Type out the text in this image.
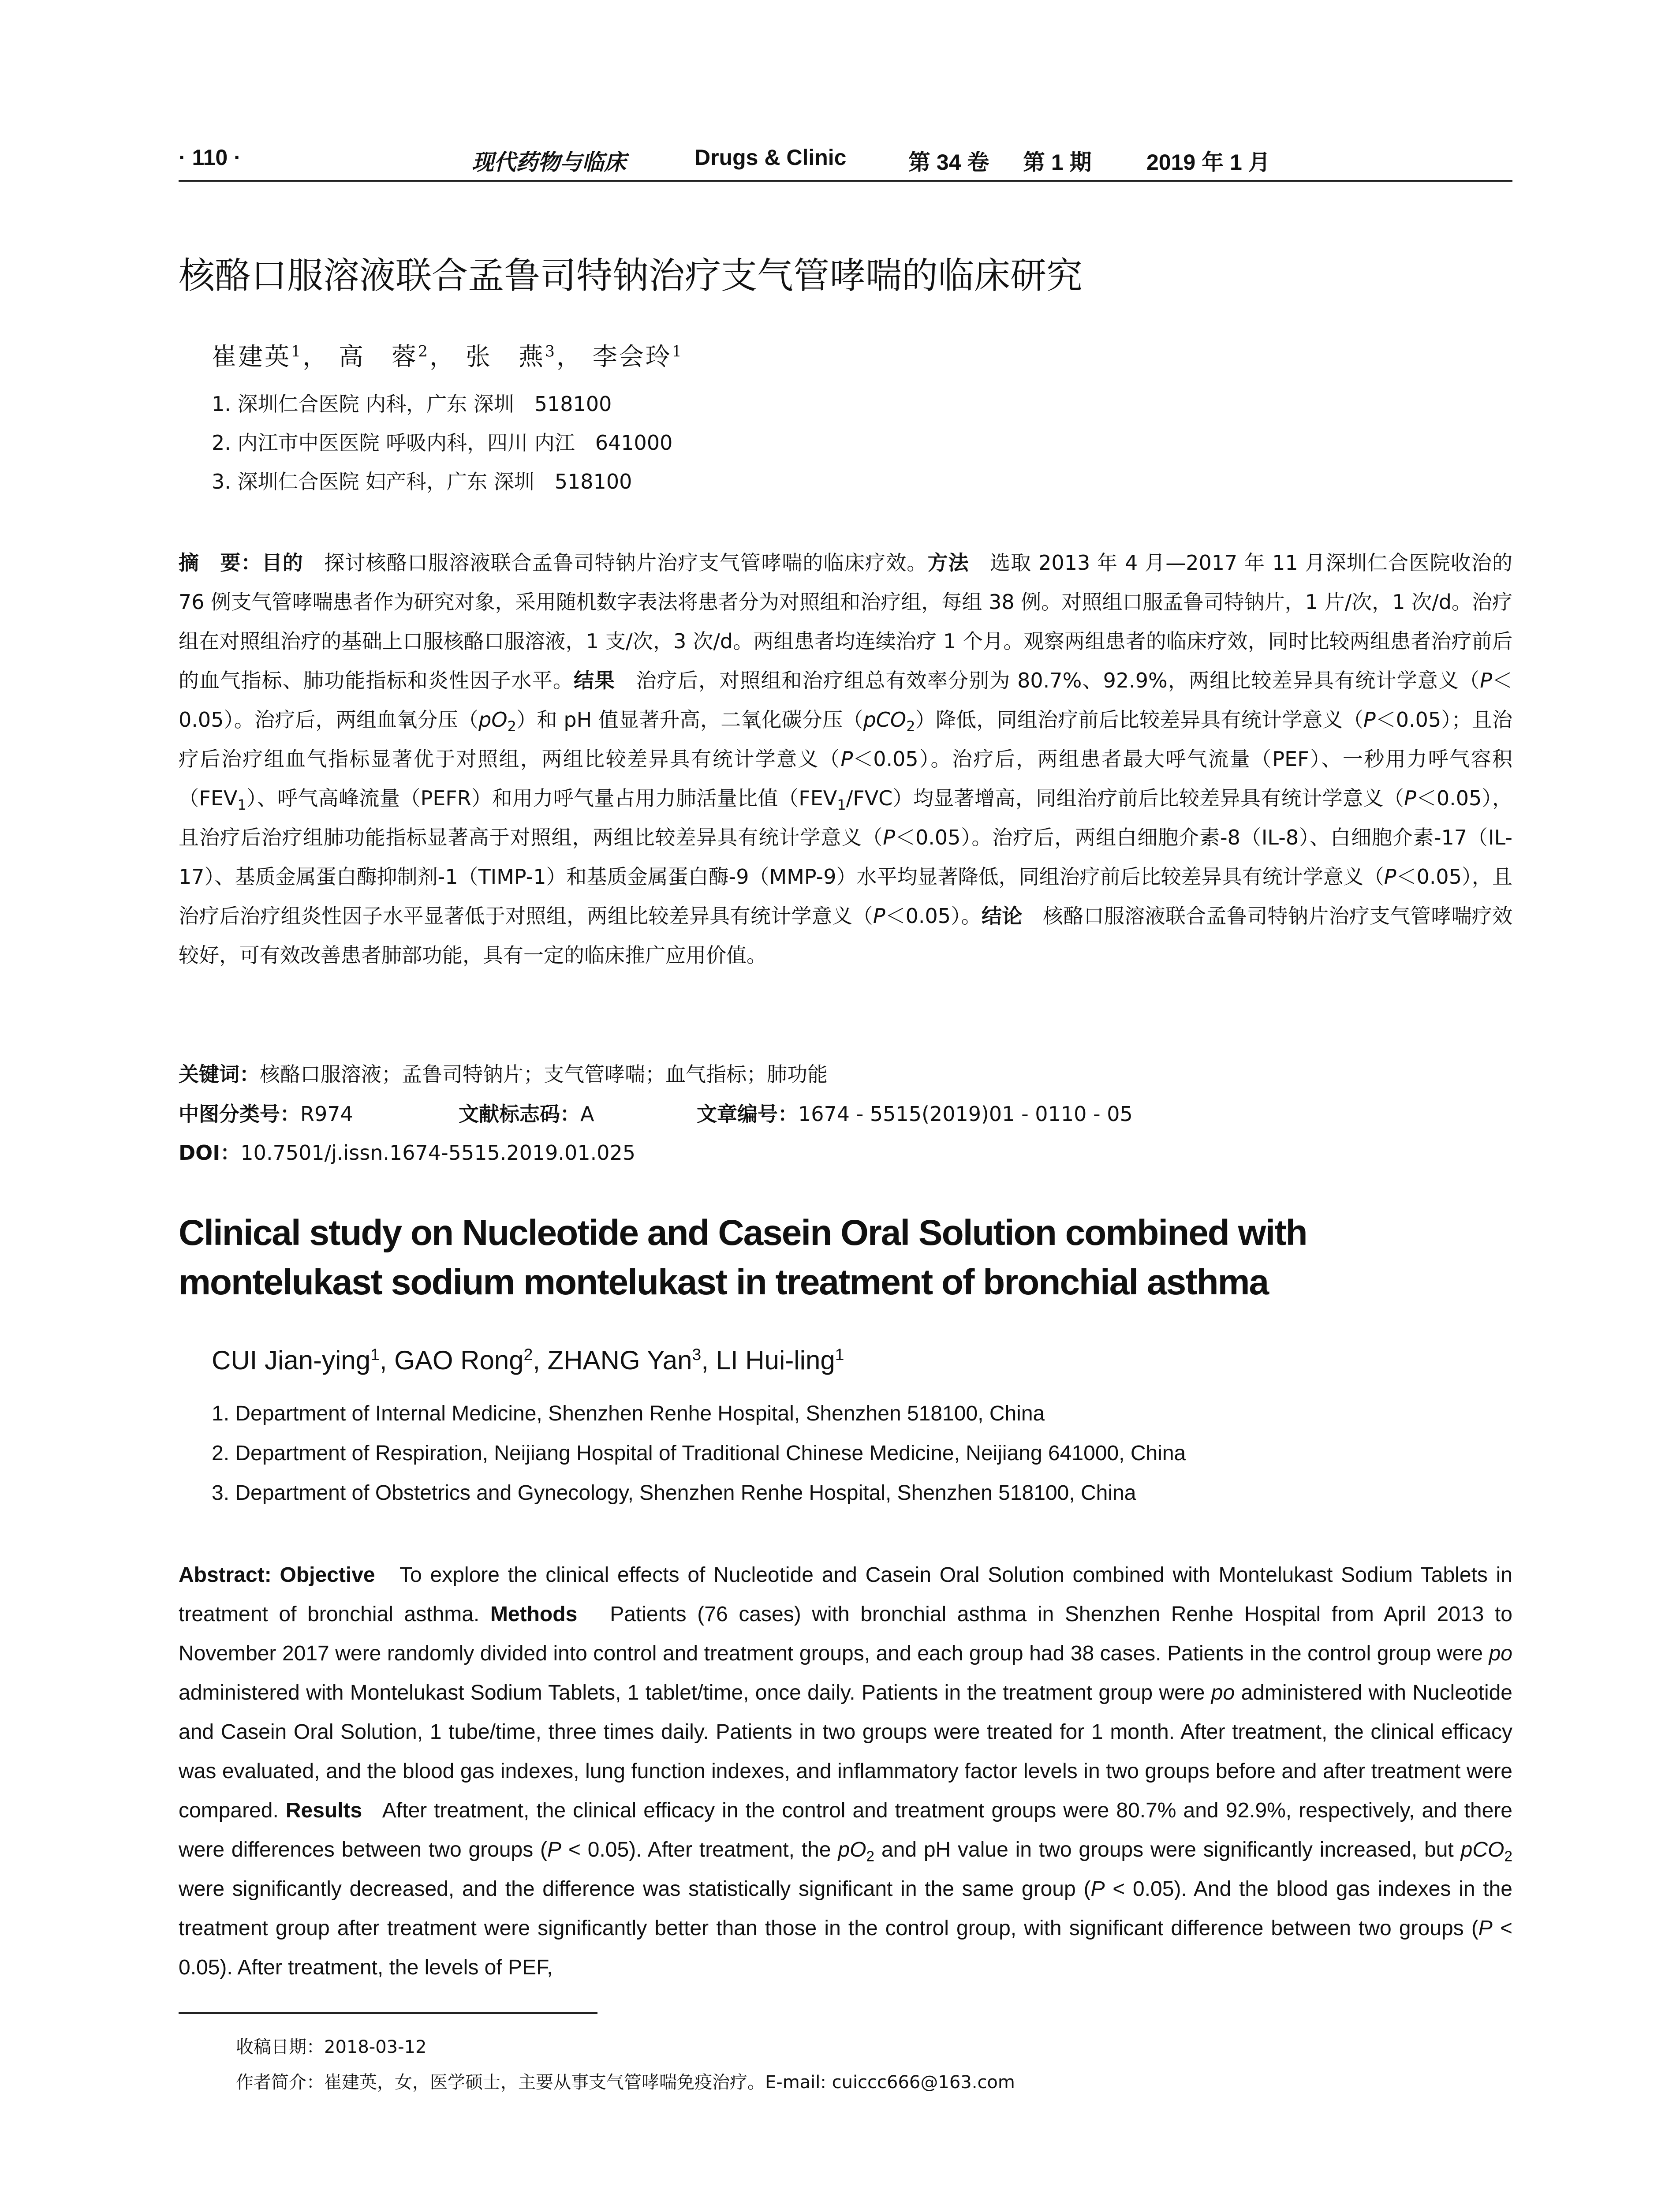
· 110 ·	现代药物与临床	Drugs & Clinic	第 34 卷 第 1 期 2019 年 1 月
核酪口服溶液联合孟鲁司特钠治疗支气管哮喘的临床研究
崔建英$^1$， 高　蓉$^2$， 张　燕$^3$， 李会玲$^1$
1. 深圳仁合医院 内科，广东 深圳　518100
2. 内江市中医医院 呼吸内科，四川 内江　641000
3. 深圳仁合医院 妇产科，广东 深圳　518100
摘　要：目的　 探讨核酪口服溶液联合孟鲁司特钠片治疗支气管哮喘的临床疗效。方法　 选取 2013 年 4 月—2017 年 11 月深圳仁合医院收治的 76 例支气管哮喘患者作为研究对象，采用随机数字表法将患者分为对照组和治疗组，每组 38 例。对照组口服孟鲁司特钠片，1 片/次，1 次/d。治疗组在对照组治疗的基础上口服核酪口服溶液，1 支/次，3 次/d。两组患者均连续治疗 1 个月。观察两组患者的临床疗效，同时比较两组患者治疗前后的血气指标、肺功能指标和炎性因子水平。结果　 治疗后，对照组和治疗组总有效率分别为 80.7%、92.9%，两组比较差异具有统计学意义（P＜0.05）。治疗后，两组血氧分压$(pO_2)$和 pH 值显著升高，二氧化碳分压（pCO$_2$）降低，同组治疗前后比较差异具有统计学意义（P＜0.05）；且治疗后治疗组血气指标显著优于对照组，两组比较差异具有统计学意义（P＜0.05）。治疗后，两组患者最大呼气流量（PEF）、一秒用力呼气容积$(FEV_1)$、呼气高峰流量（PEFR）和用力呼气量占用力肺活量比值$(FEV_1/FVC)$均显著增高，同组治疗前后比较差异具有统计学意义（P＜0.05），且治疗后治疗组肺功能指标显著高于对照组，两组比较差异具有统计学意义（P＜0.05）。治疗后，两组白细胞介素-8（IL-8）、白细胞介素-17（IL-17）、基质金属蛋白酶抑制剂-1（TIMP-1）和基质金属蛋白酶-9（MMP-9）水平均显著降低，同组治疗前后比较差异具有统计学意义（P＜0.05），且治疗后治疗组炎性因子水平显著低于对照组，两组比较差异具有统计学意义（P＜0.05）。结论　 核酪口服溶液联合孟鲁司特钠片治疗支气管哮喘疗效较好，可有效改善患者肺部功能，具有一定的临床推广应用价值。
关键词：核酪口服溶液；孟鲁司特钠片；支气管哮喘；血气指标；肺功能
中图分类号：R974	文献标志码：A	文章编号：1674 - 5515(2019)01 - 0110 - 05
DOI：10.7501/j.issn.1674-5515.2019.01.025
Clinical study on Nucleotide and Casein Oral Solution combined with montelukast sodium montelukast in treatment of bronchial asthma
CUI Jian-ying$^1$, GAO Rong$^2$, ZHANG Yan$^3$, LI Hui-ling$^1$
1. Department of Internal Medicine, Shenzhen Renhe Hospital, Shenzhen 518100, China
2. Department of Respiration, Neijiang Hospital of Traditional Chinese Medicine, Neijiang 641000, China
3. Department of Obstetrics and Gynecology, Shenzhen Renhe Hospital, Shenzhen 518100, China
Abstract: Objective To explore the clinical effects of Nucleotide and Casein Oral Solution combined with Montelukast Sodium Tablets in treatment of bronchial asthma. Methods Patients (76 cases) with bronchial asthma in Shenzhen Renhe Hospital from April 2013 to November 2017 were randomly divided into control and treatment groups, and each group had 38 cases. Patients in the control group were po administered with Montelukast Sodium Tablets, 1 tablet/time, once daily. Patients in the treatment group were po administered with Nucleotide and Casein Oral Solution, 1 tube/time, three times daily. Patients in two groups were treated for 1 month. After treatment, the clinical efficacy was evaluated, and the blood gas indexes, lung function indexes, and inflammatory factor levels in two groups before and after treatment were compared. Results After treatment, the clinical efficacy in the control and treatment groups were 80.7% and 92.9%, respectively, and there were differences between two groups (P < 0.05). After treatment, the $pO_2$ and pH value in two groups were significantly increased, but pCO$_2$ were significantly decreased, and the difference was statistically significant in the same group (P < 0.05). And the blood gas indexes in the treatment group after treatment were significantly better than those in the control group, with significant difference between two groups (P < 0.05). After treatment, the levels of PEF,
收稿日期：2018-03-12
作者简介：崔建英，女，医学硕士，主要从事支气管哮喘免疫治疗。E-mail: cuiccc666@163.com
